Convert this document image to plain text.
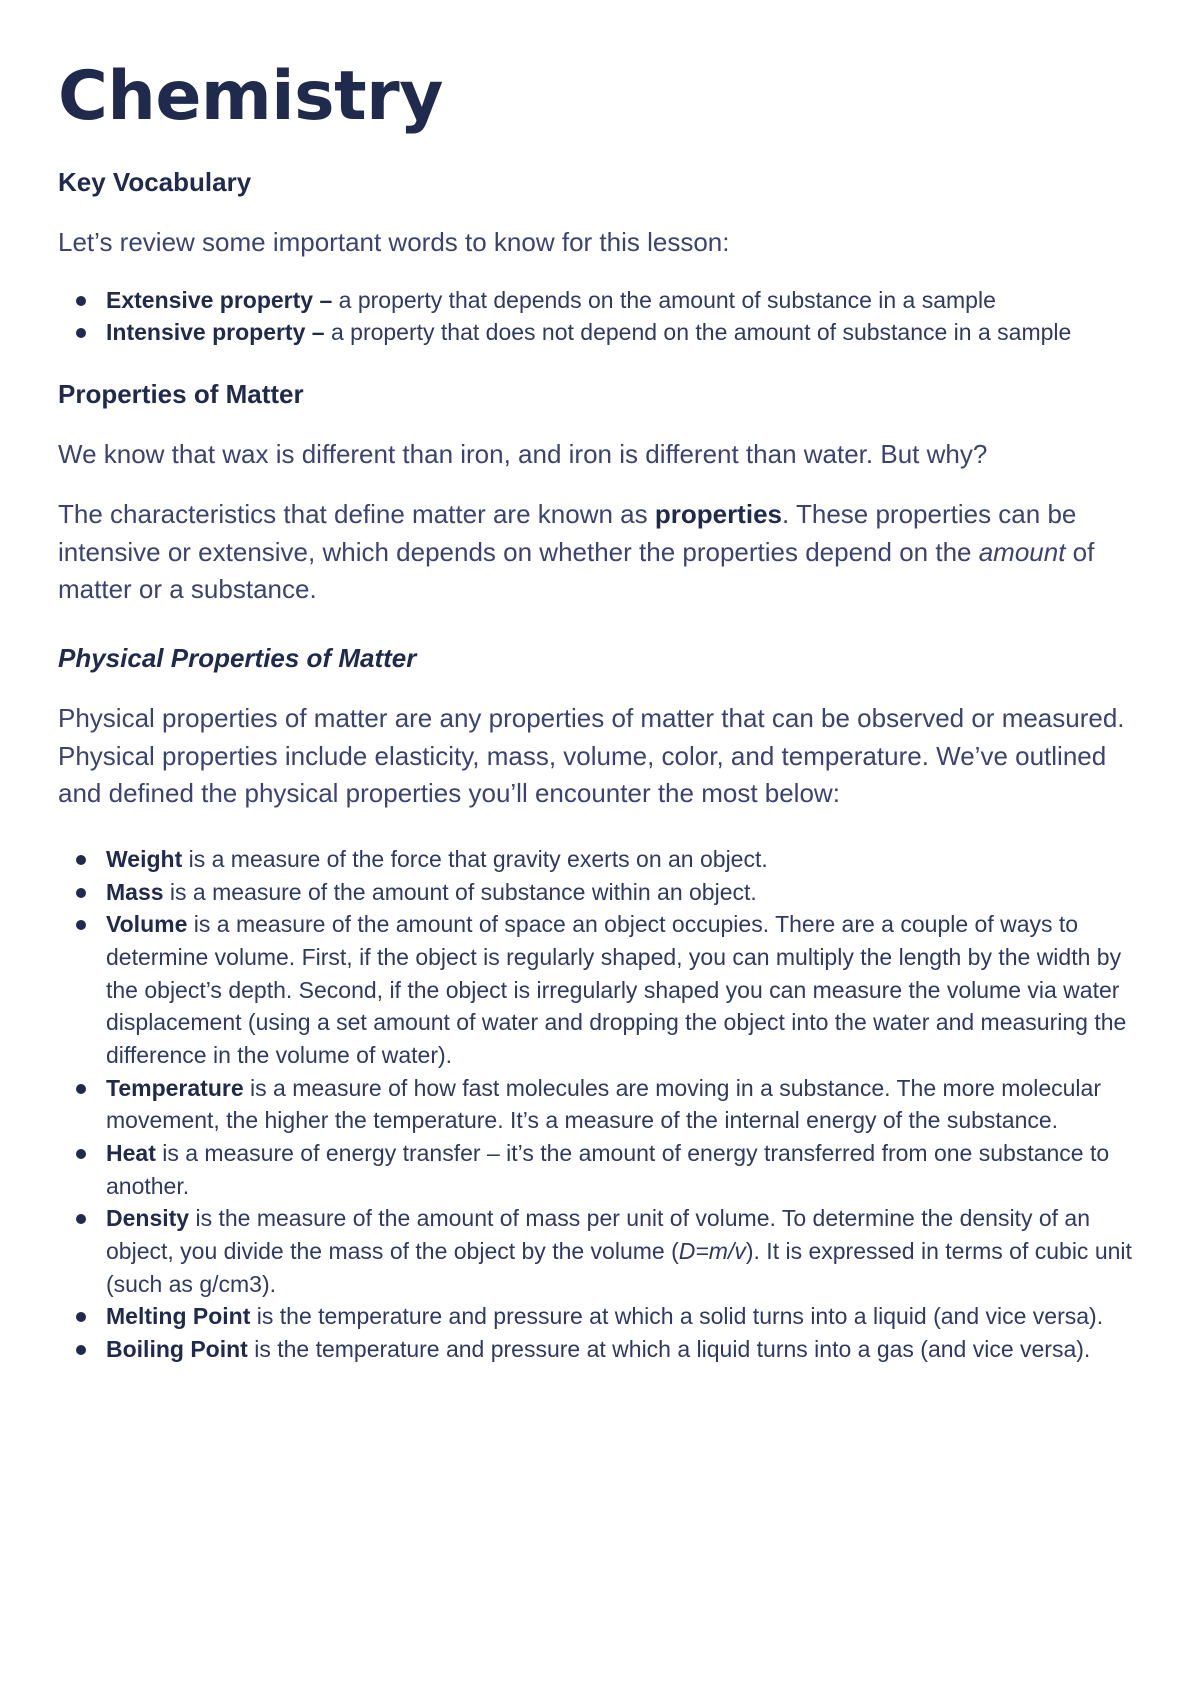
Chemistry
Key Vocabulary

Let’s review some important words to know for this lesson:

Extensive property – a property that depends on the amount of substance in a sample
Intensive property – a property that does not depend on the amount of substance in a sample
Properties of Matter

We know that wax is different than iron, and iron is different than water. But why?

The characteristics that define matter are known as properties. These properties can be intensive or extensive, which depends on whether the properties depend on the amount of matter or a substance.

Physical Properties of Matter

Physical properties of matter are any properties of matter that can be observed or measured. Physical properties include elasticity, mass, volume, color, and temperature. We’ve outlined and defined the physical properties you’ll encounter the most below:

Weight is a measure of the force that gravity exerts on an object.
Mass is a measure of the amount of substance within an object.
Volume is a measure of the amount of space an object occupies. There are a couple of ways to determine volume. First, if the object is regularly shaped, you can multiply the length by the width by the object’s depth. Second, if the object is irregularly shaped you can measure the volume via water displacement (using a set amount of water and dropping the object into the water and measuring the difference in the volume of water).
Temperature is a measure of how fast molecules are moving in a substance. The more molecular movement, the higher the temperature. It’s a measure of the internal energy of the substance.
Heat is a measure of energy transfer – it’s the amount of energy transferred from one substance to another.
Density is the measure of the amount of mass per unit of volume. To determine the density of an object, you divide the mass of the object by the volume (D=m/v). It is expressed in terms of cubic unit (such as g/cm3).
Melting Point is the temperature and pressure at which a solid turns into a liquid (and vice versa).
Boiling Point is the temperature and pressure at which a liquid turns into a gas (and vice versa).
